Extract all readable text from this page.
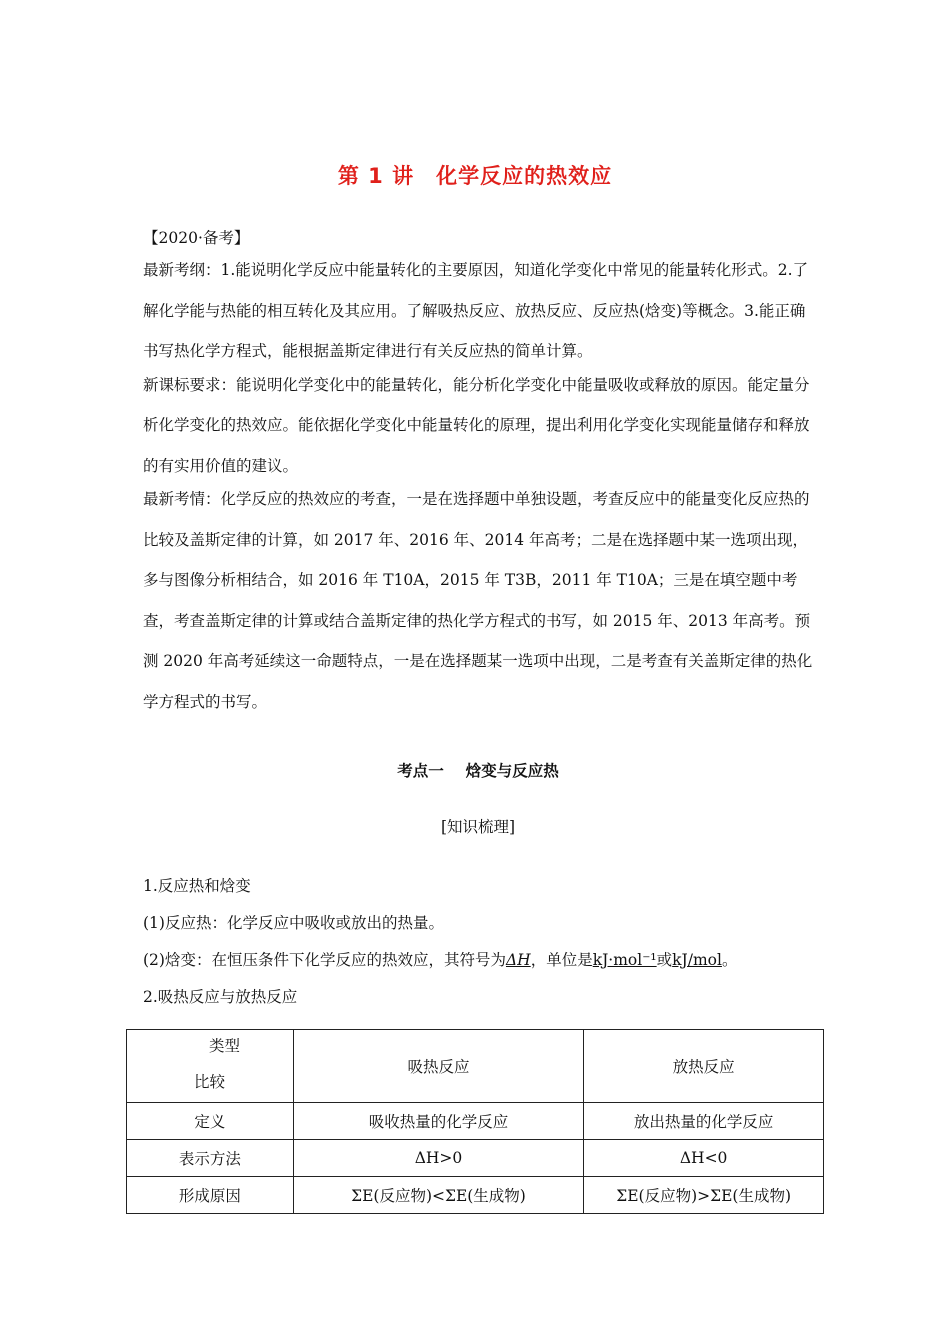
第 1 讲 化学反应的热效应

【2020·备考】

最新考纲：1.能说明化学反应中能量转化的主要原因，知道化学变化中常见的能量转化形式。2.了解化学能与热能的相互转化及其应用。了解吸热反应、放热反应、反应热(焓变)等概念。3.能正确书写热化学方程式，能根据盖斯定律进行有关反应热的简单计算。

新课标要求：能说明化学变化中的能量转化，能分析化学变化中能量吸收或释放的原因。能定量分析化学变化的热效应。能依据化学变化中能量转化的原理，提出利用化学变化实现能量储存和释放的有实用价值的建议。

最新考情：化学反应的热效应的考查，一是在选择题中单独设题，考查反应中的能量变化反应热的比较及盖斯定律的计算，如 2017 年、2016 年、2014 年高考；二是在选择题中某一选项出现，多与图像分析相结合，如 2016 年 T10A，2015 年 T3B，2011 年 T10A；三是在填空题中考查，考查盖斯定律的计算或结合盖斯定律的热化学方程式的书写，如 2015 年、2013 年高考。预测 2020 年高考延续这一命题特点，一是在选择题某一选项中出现，二是考查有关盖斯定律的热化学方程式的书写。

考点一 焓变与反应热

[知识梳理]

1.反应热和焓变

(1)反应热：化学反应中吸收或放出的热量。

(2)焓变：在恒压条件下化学反应的热效应，其符号为ΔH，单位是kJ·mol⁻¹或kJ/mol。

2.吸热反应与放热反应

类型
比较	吸热反应	放热反应
定义	吸收热量的化学反应	放出热量的化学反应
表示方法	ΔH>0	ΔH<0
形成原因	ΣE(反应物)<ΣE(生成物)	ΣE(反应物)>ΣE(生成物)
